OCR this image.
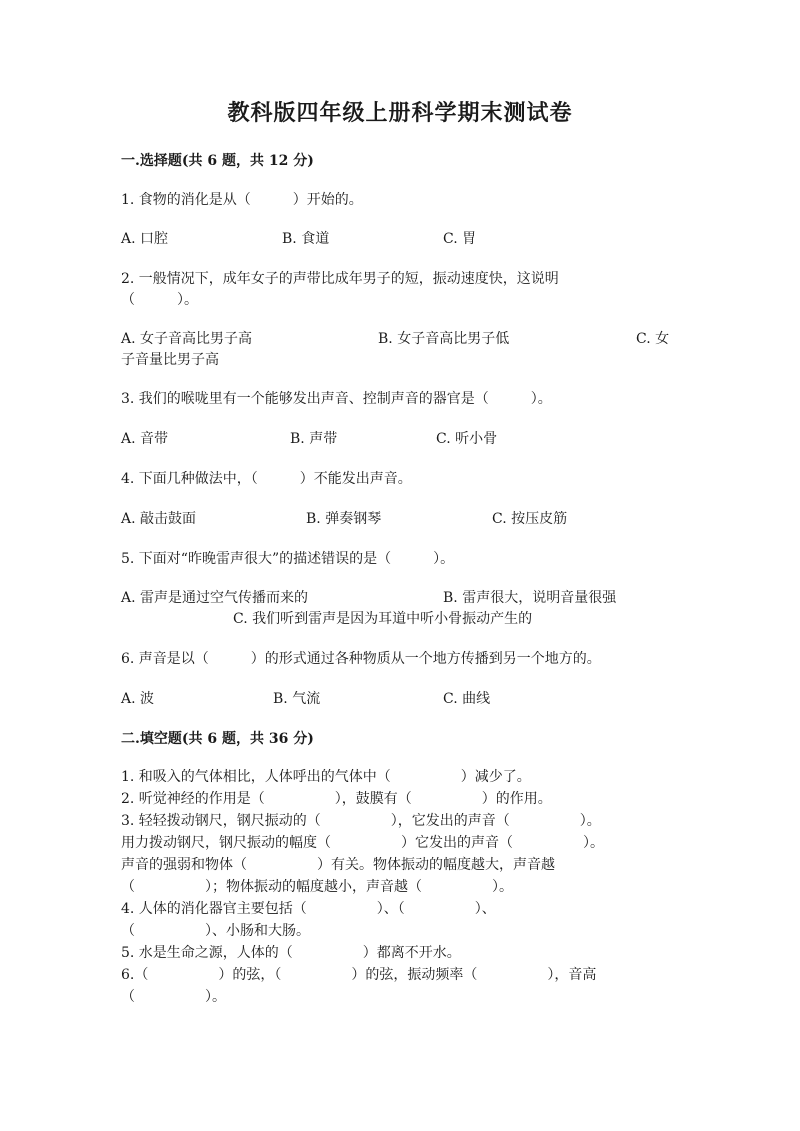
教科版四年级上册科学期末测试卷
一.选择题(共 6 题，共 12 分)
1. 食物的消化是从（　　　）开始的。
A. 口腔	B. 食道	C. 胃
2. 一般情况下，成年女子的声带比成年男子的短，振动速度快，这说明
（　　　）。
A. 女子音高比男子高	B. 女子音高比男子低	C. 女
子音量比男子高
3. 我们的喉咙里有一个能够发出声音、控制声音的器官是（　　　）。
A. 音带	B. 声带	C. 听小骨
4. 下面几种做法中，（　　　）不能发出声音。
A. 敲击鼓面	B. 弹奏钢琴	C. 按压皮筋
5. 下面对“昨晚雷声很大”的描述错误的是（　　　）。
A. 雷声是通过空气传播而来的	B. 雷声很大，说明音量很强
C. 我们听到雷声是因为耳道中听小骨振动产生的
6. 声音是以（　　　）的形式通过各种物质从一个地方传播到另一个地方的。
A. 波	B. 气流	C. 曲线
二.填空题(共 6 题，共 36 分)
1. 和吸入的气体相比，人体呼出的气体中（　　　　　）减少了。
2. 听觉神经的作用是（　　　　　），鼓膜有（　　　　　）的作用。
3. 轻轻拨动钢尺，钢尺振动的（　　　　　），它发出的声音（　　　　　）。
用力拨动钢尺，钢尺振动的幅度（　　　　　）它发出的声音（　　　　　）。
声音的强弱和物体（　　　　　）有关。物体振动的幅度越大，声音越
（　　　　　）；物体振动的幅度越小，声音越（　　　　　）。
4. 人体的消化器官主要包括（　　　　　）、（　　　　　）、
（　　　　　）、小肠和大肠。
5. 水是生命之源，人体的（　　　　　）都离不开水。
6.（　　　　　）的弦，（　　　　　）的弦，振动频率（　　　　　），音高
（　　　　　）。
